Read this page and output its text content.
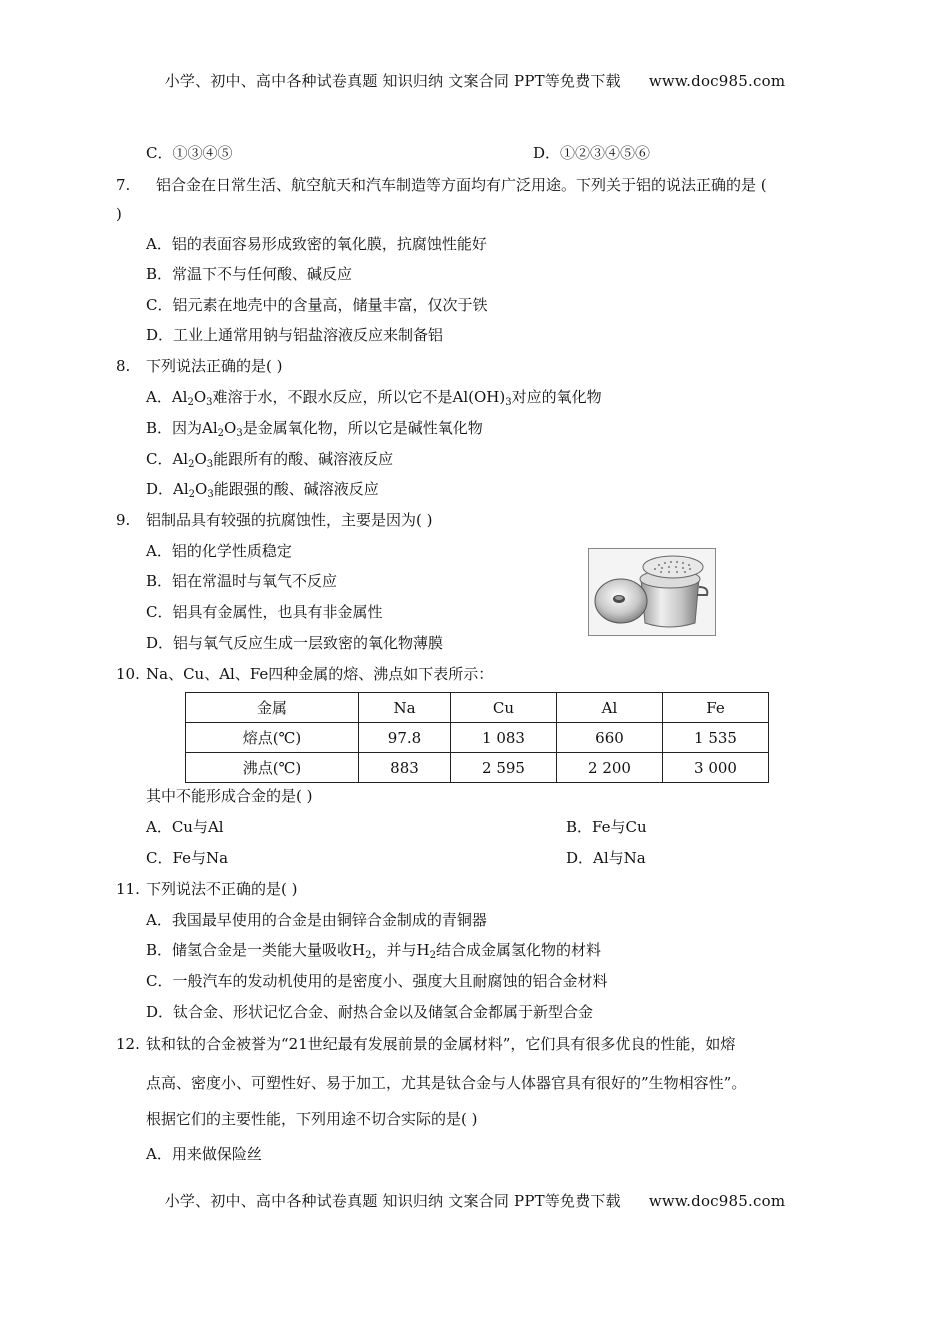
小学、初中、高中各种试卷真题 知识归纳 文案合同 PPT等免费下载 www.doc985.com
C．①③④⑤	D．①②③④⑤⑥
7. 铝合金在日常生活、航空航天和汽车制造等方面均有广泛用途。下列关于铝的说法正确的是 (
)
A．铝的表面容易形成致密的氧化膜，抗腐蚀性能好
B．常温下不与任何酸、碱反应
C．铝元素在地壳中的含量高，储量丰富，仅次于铁
D．工业上通常用钠与铝盐溶液反应来制备铝
8. 下列说法正确的是( )
A．$Al_2O_3$难溶于水，不跟水反应，所以它不是$Al(OH)_3$对应的氧化物
B．因为$Al_2O_3$是金属氧化物，所以它是碱性氧化物
C．$Al_2O_3$能跟所有的酸、碱溶液反应
D．$Al_2O_3$能跟强的酸、碱溶液反应
9. 铝制品具有较强的抗腐蚀性，主要是因为( )
A．铝的化学性质稳定
B．铝在常温时与氧气不反应
C．铝具有金属性，也具有非金属性
D．铝与氧气反应生成一层致密的氧化物薄膜
10. Na、Cu、Al、Fe四种金属的熔、沸点如下表所示：
金属	Na	Cu	Al	Fe
熔点(℃)	97.8	1 083	660	1 535
沸点(℃)	883	2 595	2 200	3 000
其中不能形成合金的是( )
A．Cu与Al	B．Fe与Cu
C．Fe与Na	D．Al与Na
11. 下列说法不正确的是( )
A．我国最早使用的合金是由铜锌合金制成的青铜器
B．储氢合金是一类能大量吸收$H_2$，并与$H_2$结合成金属氢化物的材料
C．一般汽车的发动机使用的是密度小、强度大且耐腐蚀的铝合金材料
D．钛合金、形状记忆合金、耐热合金以及储氢合金都属于新型合金
12. 钛和钛的合金被誉为“21世纪最有发展前景的金属材料”，它们具有很多优良的性能，如熔
点高、密度小、可塑性好、易于加工，尤其是钛合金与人体器官具有很好的”生物相容性”。
根据它们的主要性能，下列用途不切合实际的是( )
A．用来做保险丝
小学、初中、高中各种试卷真题 知识归纳 文案合同 PPT等免费下载 www.doc985.com
